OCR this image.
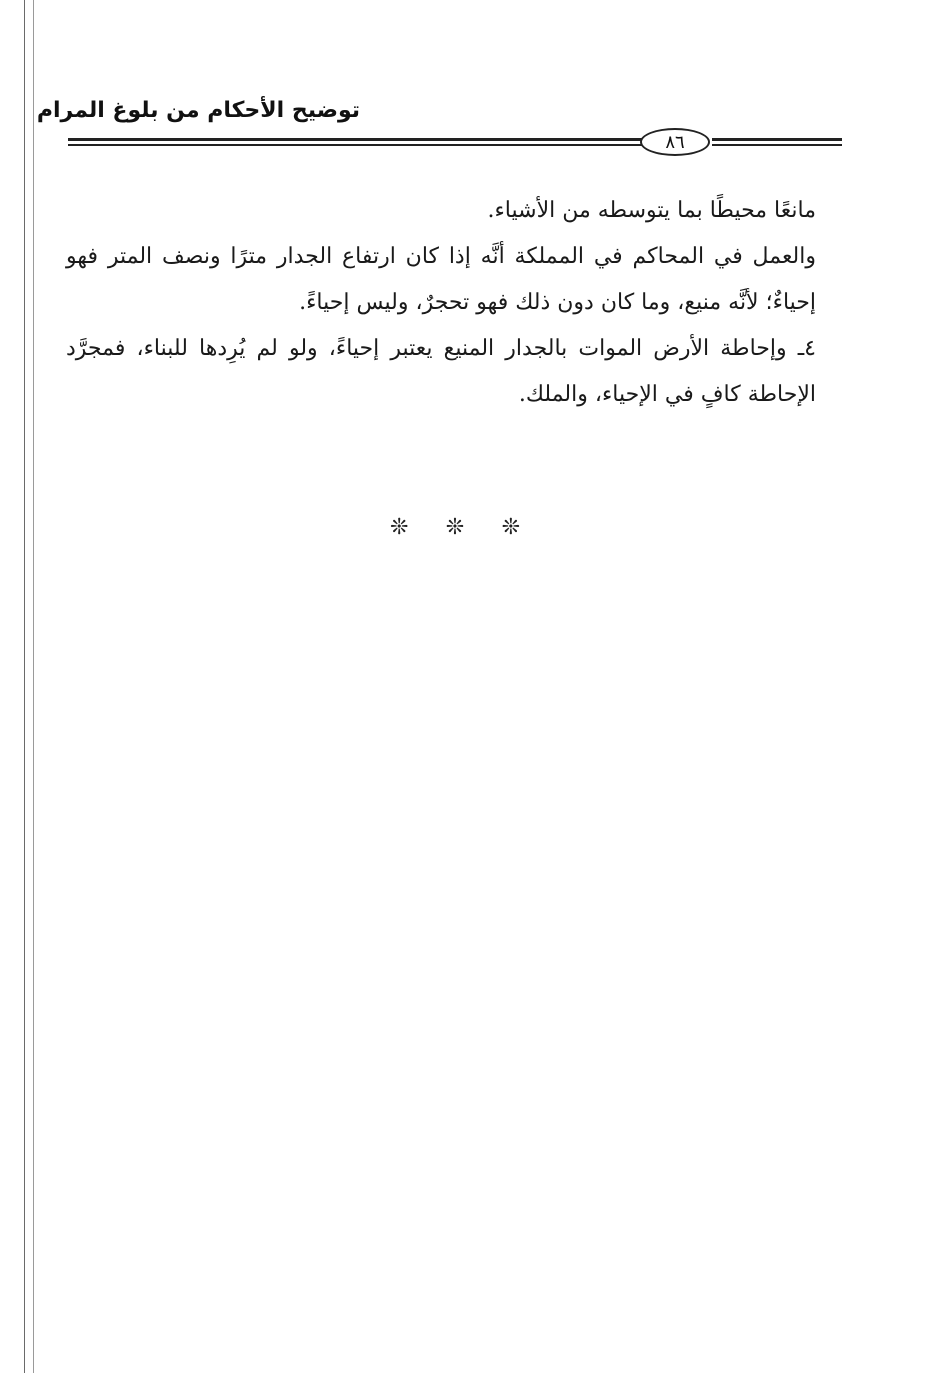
توضيح الأحكام من بلوغ المرام
٨٦

مانعًا محيطًا بما يتوسطه من الأشياء.

والعمل في المحاكم في المملكة أنَّه إذا كان ارتفاع الجدار مترًا ونصف المتر فهو إحياءٌ؛ لأنَّه منيع، وما كان دون ذلك فهو تحجرٌ، وليس إحياءً.

٤ـ وإحاطة الأرض الموات بالجدار المنيع يعتبر إحياءً، ولو لم يُرِدها للبناء، فمجرَّد الإحاطة كافٍ في الإحياء، والملك.

❊ ❊ ❊
